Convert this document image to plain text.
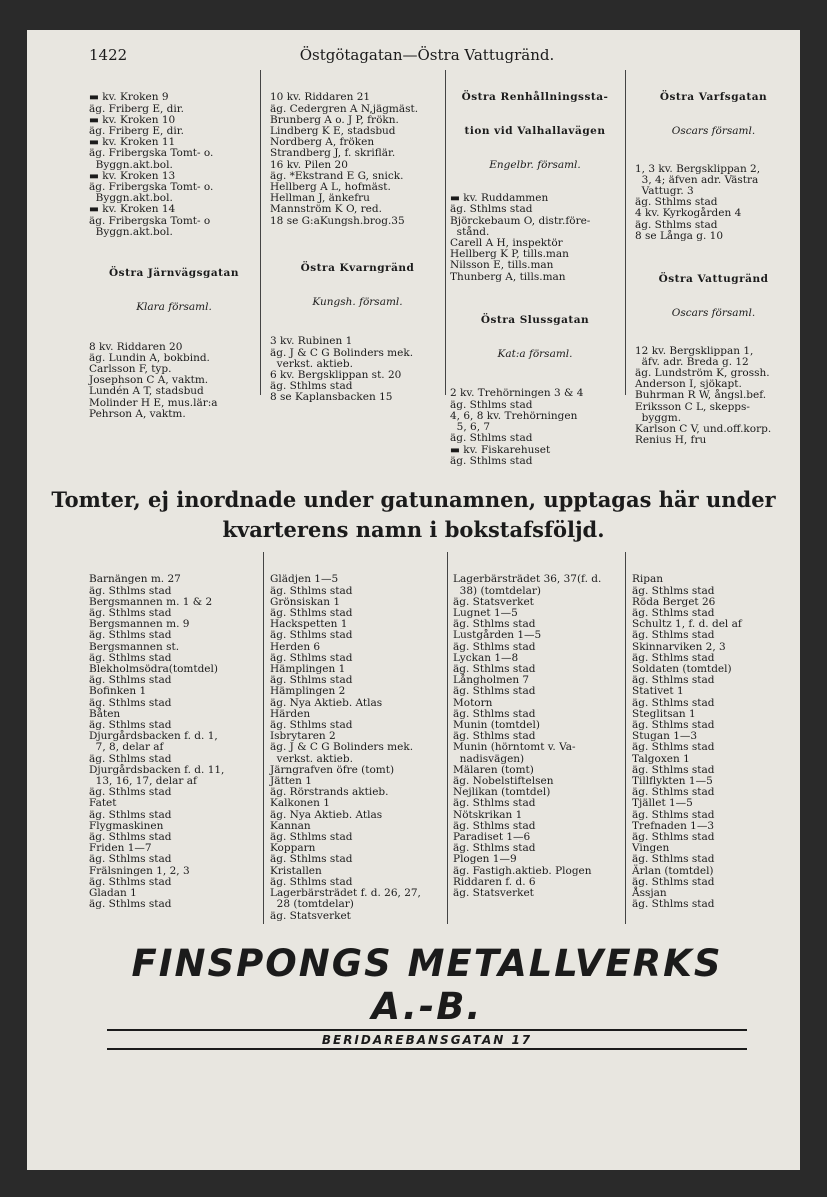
1422	Östgötagatan—Östra Vattugränd.

▬ kv. Kroken 9
äg. Friberg E, dir.
▬ kv. Kroken 10
äg. Friberg E, dir.
▬ kv. Kroken 11
äg. Fribergska Tomt- o.
Byggn.akt.bol.
▬ kv. Kroken 13
äg. Fribergska Tomt- o.
Byggn.akt.bol.
▬ kv. Kroken 14
äg. Fribergska Tomt- o
Byggn.akt.bol.

Östra Järnvägsgatan

Klara församl.

8 kv. Riddaren 20
äg. Lundin A, bokbind.
Carlsson F, typ.
Josephson C A, vaktm.
Lundén A T, stadsbud
Molinder H E, mus.lär:a
Pehrson A, vaktm.

10 kv. Riddaren 21
äg. Cedergren A N,jägmäst.
Brunberg A o. J P, frökn.
Lindberg K E, stadsbud
Nordberg A, fröken
Strandberg J, f. skriflär.
16 kv. Pilen 20
äg. *Ekstrand E G, snick.
Hellberg A L, hofmäst.
Hellman J, änkefru
Mannström K O, red.
18 se G:aKungsh.brog.35

Östra Kvarngränd

Kungsh. församl.

3 kv. Rubinen 1
äg. J & C G Bolinders mek.
verkst. aktieb.
6 kv. Bergsklippan st. 20
äg. Sthlms stad
8 se Kaplansbacken 15

Östra Renhållningssta-

tion vid Valhallavägen

Engelbr. församl.

▬ kv. Ruddammen
äg. Sthlms stad
Björckebaum O, distr.före-
stånd.
Carell A H, inspektör
Hellberg K P, tills.man
Nilsson E, tills.man
Thunberg A, tills.man

Östra Slussgatan

Kat:a församl.

2 kv. Trehörningen 3 & 4
äg. Sthlms stad
4, 6, 8 kv. Trehörningen
5, 6, 7
äg. Sthlms stad
▬ kv. Fiskarehuset
äg. Sthlms stad

Östra Varfsgatan

Oscars församl.

1, 3 kv. Bergsklippan 2,
3, 4; äfven adr. Västra
Vattugr. 3
äg. Sthlms stad
4 kv. Kyrkogården 4
äg. Sthlms stad
8 se Långa g. 10

Östra Vattugränd

Oscars församl.

12 kv. Bergsklippan 1,
äfv. adr. Breda g. 12
äg. Lundström K, grossh.
Anderson I, sjökapt.
Buhrman R W, ångsl.bef.
Eriksson C L, skepps-
byggm.
Karlson C V, und.off.korp.
Renius H, fru

Tomter, ej inordnade under gatunamnen, upptagas här under
kvarterens namn i bokstafsföljd.

Barnängen m. 27
äg. Sthlms stad
Bergsmannen m. 1 & 2
äg. Sthlms stad
Bergsmannen m. 9
äg. Sthlms stad
Bergsmannen st.
äg. Sthlms stad
Blekholmsödra(tomtdel)
äg. Sthlms stad
Bofinken 1
äg. Sthlms stad
Båten
äg. Sthlms stad
Djurgårdsbacken f. d. 1,
7, 8, delar af
äg. Sthlms stad
Djurgårdsbacken f. d. 11,
13, 16, 17, delar af
äg. Sthlms stad
Fatet
äg. Sthlms stad
Flygmaskinen
äg. Sthlms stad
Friden 1—7
äg. Sthlms stad
Frälsningen 1, 2, 3
äg. Sthlms stad
Gladan 1
äg. Sthlms stad

Glädjen 1—5
äg. Sthlms stad
Grönsiskan 1
äg. Sthlms stad
Hackspetten 1
äg. Sthlms stad
Herden 6
äg. Sthlms stad
Hämplingen 1
äg. Sthlms stad
Hämplingen 2
äg. Nya Aktieb. Atlas
Härden
äg. Sthlms stad
Isbrytaren 2
äg. J & C G Bolinders mek.
verkst. aktieb.
Järngrafven öfre (tomt)
Jätten 1
äg. Rörstrands aktieb.
Kalkonen 1
äg. Nya Aktieb. Atlas
Kannan
äg. Sthlms stad
Kopparn
äg. Sthlms stad
Kristallen
äg. Sthlms stad
Lagerbärsträdet f. d. 26, 27,
28 (tomtdelar)
äg. Statsverket

Lagerbärsträdet 36, 37(f. d.
38) (tomtdelar)
äg. Statsverket
Lugnet 1—5
äg. Sthlms stad
Lustgården 1—5
äg. Sthlms stad
Lyckan 1—8
äg. Sthlms stad
Långholmen 7
äg. Sthlms stad
Motorn
äg. Sthlms stad
Munin (tomtdel)
äg. Sthlms stad
Munin (hörntomt v. Va-
nadisvägen)
Mälaren (tomt)
äg. Nobelstiftelsen
Nejlikan (tomtdel)
äg. Sthlms stad
Nötskrikan 1
äg. Sthlms stad
Paradiset 1—6
äg. Sthlms stad
Plogen 1—9
äg. Fastigh.aktieb. Plogen
Riddaren f. d. 6
äg. Statsverket

Ripan
äg. Sthlms stad
Röda Berget 26
äg. Sthlms stad
Schultz 1, f. d. del af
äg. Sthlms stad
Skinnarviken 2, 3
äg. Sthlms stad
Soldaten (tomtdel)
äg. Sthlms stad
Stativet 1
äg. Sthlms stad
Steglitsan 1
äg. Sthlms stad
Stugan 1—3
äg. Sthlms stad
Talgoxen 1
äg. Sthlms stad
Tillflykten 1—5
äg. Sthlms stad
Tjället 1—5
äg. Sthlms stad
Trefnaden 1—3
äg. Sthlms stad
Vingen
äg. Sthlms stad
Ärlan (tomtdel)
äg. Sthlms stad
Åssjan
äg. Sthlms stad

FINSPONGS METALLVERKS A.-B.
BERIDAREBANSGATAN 17
